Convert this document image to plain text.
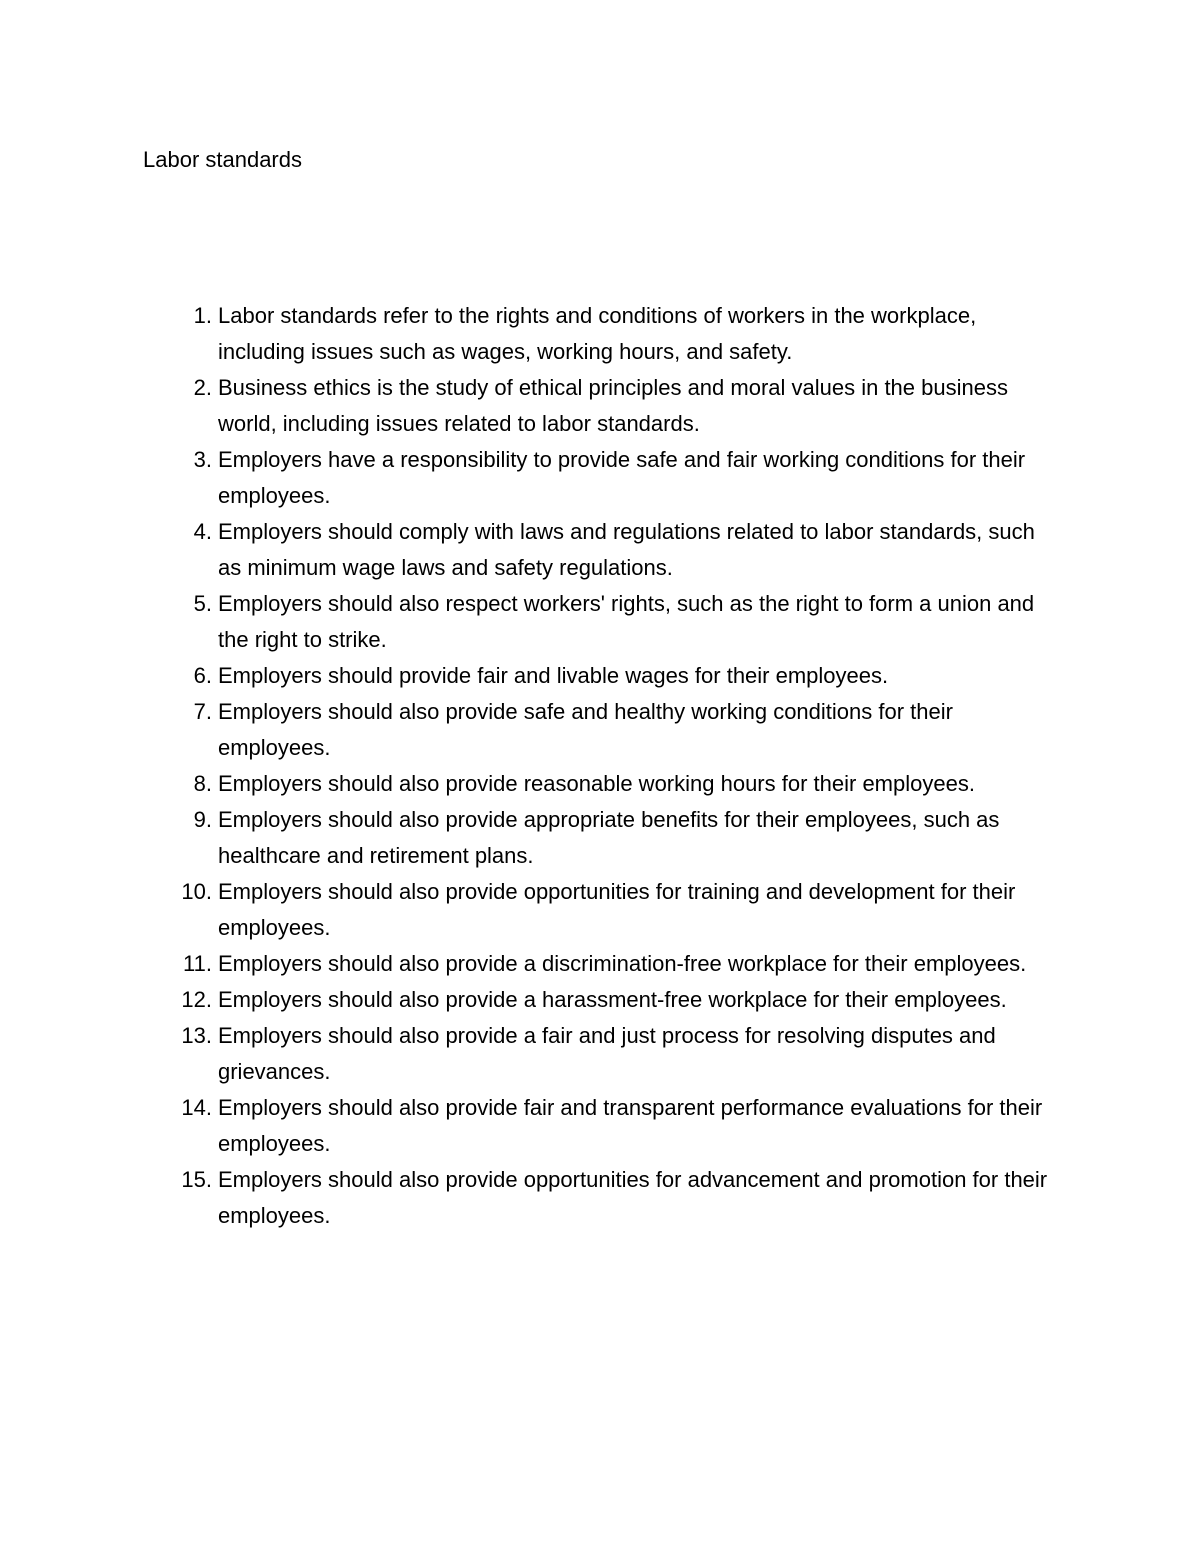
Labor standards
1. Labor standards refer to the rights and conditions of workers in the workplace, including issues such as wages, working hours, and safety.
2. Business ethics is the study of ethical principles and moral values in the business world, including issues related to labor standards.
3. Employers have a responsibility to provide safe and fair working conditions for their employees.
4. Employers should comply with laws and regulations related to labor standards, such as minimum wage laws and safety regulations.
5. Employers should also respect workers' rights, such as the right to form a union and the right to strike.
6. Employers should provide fair and livable wages for their employees.
7. Employers should also provide safe and healthy working conditions for their employees.
8. Employers should also provide reasonable working hours for their employees.
9. Employers should also provide appropriate benefits for their employees, such as healthcare and retirement plans.
10. Employers should also provide opportunities for training and development for their employees.
11. Employers should also provide a discrimination-free workplace for their employees.
12. Employers should also provide a harassment-free workplace for their employees.
13. Employers should also provide a fair and just process for resolving disputes and grievances.
14. Employers should also provide fair and transparent performance evaluations for their employees.
15. Employers should also provide opportunities for advancement and promotion for their employees.
